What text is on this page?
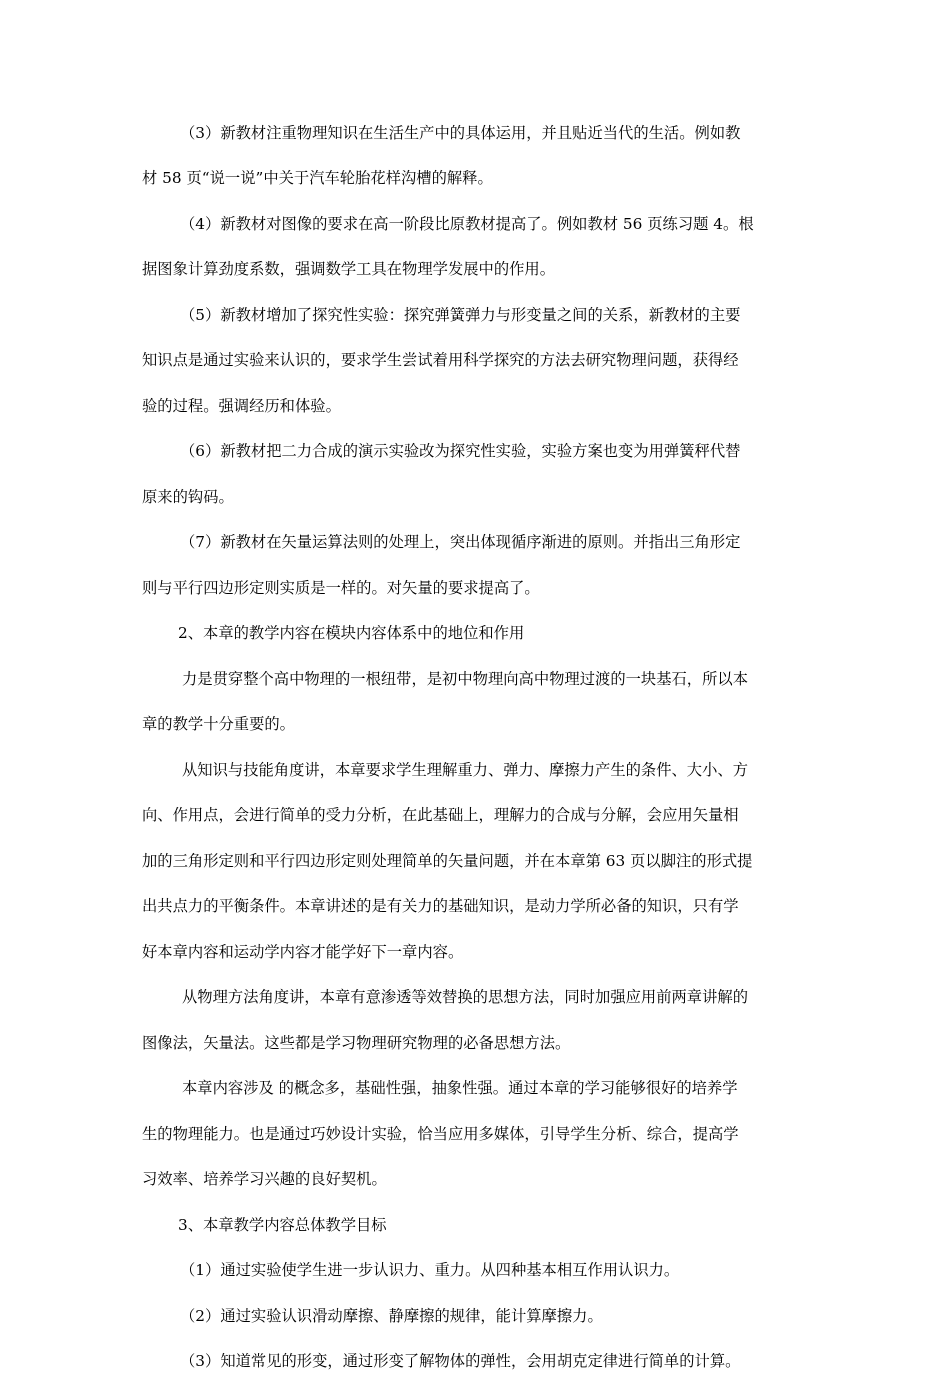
（3）新教材注重物理知识在生活生产中的具体运用，并且贴近当代的生活。例如教
材 58 页“说一说”中关于汽车轮胎花样沟槽的解释。
（4）新教材对图像的要求在高一阶段比原教材提高了。例如教材 56 页练习题 4。根
据图象计算劲度系数，强调数学工具在物理学发展中的作用。
（5）新教材增加了探究性实验：探究弹簧弹力与形变量之间的关系，新教材的主要
知识点是通过实验来认识的，要求学生尝试着用科学探究的方法去研究物理问题，获得经
验的过程。强调经历和体验。
（6）新教材把二力合成的演示实验改为探究性实验，实验方案也变为用弹簧秤代替
原来的钩码。
（7）新教材在矢量运算法则的处理上，突出体现循序渐进的原则。并指出三角形定
则与平行四边形定则实质是一样的。对矢量的要求提高了。
2、本章的教学内容在模块内容体系中的地位和作用
力是贯穿整个高中物理的一根纽带，是初中物理向高中物理过渡的一块基石，所以本
章的教学十分重要的。
从知识与技能角度讲，本章要求学生理解重力、弹力、摩擦力产生的条件、大小、方
向、作用点，会进行简单的受力分析，在此基础上，理解力的合成与分解，会应用矢量相
加的三角形定则和平行四边形定则处理简单的矢量问题，并在本章第 63 页以脚注的形式提
出共点力的平衡条件。本章讲述的是有关力的基础知识，是动力学所必备的知识，只有学
好本章内容和运动学内容才能学好下一章内容。
从物理方法角度讲，本章有意渗透等效替换的思想方法，同时加强应用前两章讲解的
图像法，矢量法。这些都是学习物理研究物理的必备思想方法。
本章内容涉及 的概念多，基础性强，抽象性强。通过本章的学习能够很好的培养学
生的物理能力。也是通过巧妙设计实验，恰当应用多媒体，引导学生分析、综合，提高学
习效率、培养学习兴趣的良好契机。
3、本章教学内容总体教学目标
（1）通过实验使学生进一步认识力、重力。从四种基本相互作用认识力。
（2）通过实验认识滑动摩擦、静摩擦的规律，能计算摩擦力。
（3）知道常见的形变，通过形变了解物体的弹性，会用胡克定律进行简单的计算。
